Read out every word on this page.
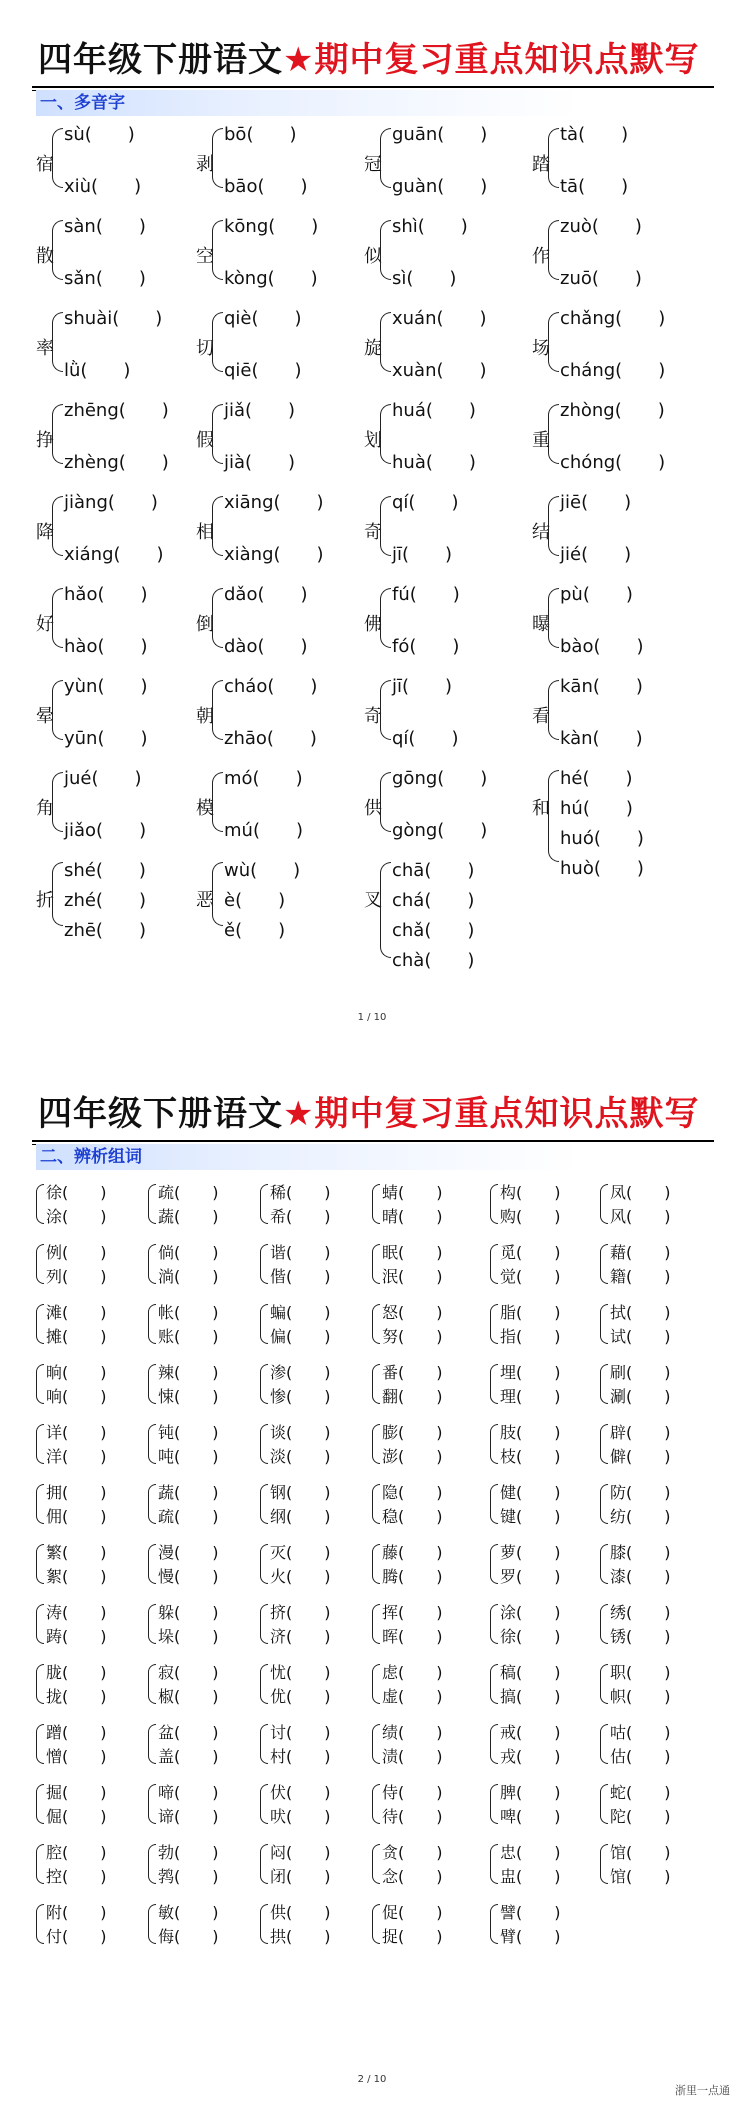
四年级下册语文★期中复习重点知识点默写
一、多音字
宿
sù(　　)
xiù(　　)
剥
bō(　　)
bāo(　　)
冠
guān(　　)
guàn(　　)
踏
tà(　　)
tā(　　)
散
sàn(　　)
sǎn(　　)
空
kōng(　　)
kòng(　　)
似
shì(　　)
sì(　　)
作
zuò(　　)
zuō(　　)
率
shuài(　　)
lǜ(　　)
切
qiè(　　)
qiē(　　)
旋
xuán(　　)
xuàn(　　)
场
chǎng(　　)
cháng(　　)
挣
zhēng(　　)
zhèng(　　)
假
jiǎ(　　)
jià(　　)
划
huá(　　)
huà(　　)
重
zhòng(　　)
chóng(　　)
降
jiàng(　　)
xiáng(　　)
相
xiāng(　　)
xiàng(　　)
奇
qí(　　)
jī(　　)
结
jiē(　　)
jié(　　)
好
hǎo(　　)
hào(　　)
倒
dǎo(　　)
dào(　　)
佛
fú(　　)
fó(　　)
曝
pù(　　)
bào(　　)
晕
yùn(　　)
yūn(　　)
朝
cháo(　　)
zhāo(　　)
奇
jī(　　)
qí(　　)
看
kān(　　)
kàn(　　)
角
jué(　　)
jiǎo(　　)
模
mó(　　)
mú(　　)
供
gōng(　　)
gòng(　　)
和
hé(　　)
hú(　　)
huó(　　)
huò(　　)
折
shé(　　)
zhé(　　)
zhē(　　)
恶
wù(　　)
è(　　)
ě(　　)
叉
chā(　　)
chá(　　)
chǎ(　　)
chà(　　)
1 / 10
四年级下册语文★期中复习重点知识点默写
二、辨析组词
徐(　　)
涂(　　)
疏(　　)
蔬(　　)
稀(　　)
希(　　)
蜻(　　)
晴(　　)
构(　　)
购(　　)
凤(　　)
风(　　)
例(　　)
列(　　)
倘(　　)
淌(　　)
谐(　　)
偕(　　)
眠(　　)
泯(　　)
觅(　　)
觉(　　)
藉(　　)
籍(　　)
滩(　　)
摊(　　)
帐(　　)
账(　　)
蝙(　　)
偏(　　)
怒(　　)
努(　　)
脂(　　)
指(　　)
拭(　　)
试(　　)
晌(　　)
响(　　)
辣(　　)
悚(　　)
渗(　　)
惨(　　)
番(　　)
翻(　　)
埋(　　)
理(　　)
刷(　　)
涮(　　)
详(　　)
洋(　　)
钝(　　)
吨(　　)
谈(　　)
淡(　　)
膨(　　)
澎(　　)
肢(　　)
枝(　　)
辟(　　)
僻(　　)
拥(　　)
佣(　　)
蔬(　　)
疏(　　)
钢(　　)
纲(　　)
隐(　　)
稳(　　)
健(　　)
键(　　)
防(　　)
纺(　　)
繁(　　)
絮(　　)
漫(　　)
慢(　　)
灭(　　)
火(　　)
藤(　　)
腾(　　)
萝(　　)
罗(　　)
膝(　　)
漆(　　)
涛(　　)
踌(　　)
躲(　　)
垛(　　)
挤(　　)
济(　　)
挥(　　)
晖(　　)
涂(　　)
徐(　　)
绣(　　)
锈(　　)
胧(　　)
拢(　　)
寂(　　)
椒(　　)
忧(　　)
优(　　)
虑(　　)
虚(　　)
稿(　　)
搞(　　)
职(　　)
帜(　　)
蹭(　　)
憎(　　)
盆(　　)
盖(　　)
讨(　　)
村(　　)
绩(　　)
渍(　　)
戒(　　)
戎(　　)
咕(　　)
估(　　)
掘(　　)
倔(　　)
啼(　　)
谛(　　)
伏(　　)
吠(　　)
侍(　　)
待(　　)
脾(　　)
啤(　　)
蛇(　　)
陀(　　)
腔(　　)
控(　　)
勃(　　)
鹁(　　)
闷(　　)
闭(　　)
贪(　　)
念(　　)
忠(　　)
盅(　　)
馆(　　)
馆(　　)
附(　　)
付(　　)
敏(　　)
侮(　　)
供(　　)
拱(　　)
促(　　)
捉(　　)
譬(　　)
臂(　　)
2 / 10
浙里一点通
